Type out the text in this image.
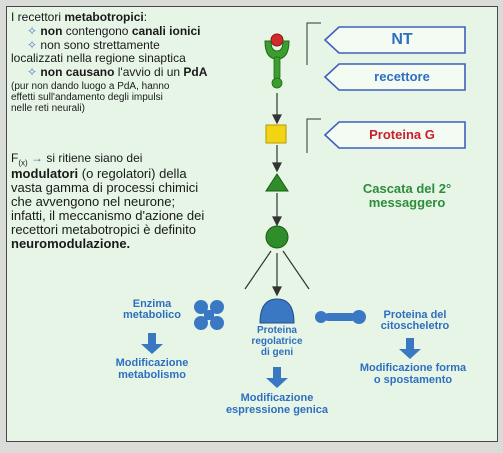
I recettori metabotropici:
✧ non contengono canali ionici
✧ non sono strettamente
localizzati nella regione sinaptica
✧ non causano l'avvio di un PdA
(pur non dando luogo a PdA, hanno
effetti sull'andamento degli impulsi
nelle reti neurali)
$F_{(x)}$ → si ritiene siano dei
modulatori (o regolatori) della
vasta gamma di processi chimici
che avvengono nel neurone;
infatti, il meccanismo d'azione dei
recettori metabotropici è definito
neuromodulazione.
NT
recettore
Proteina G
Cascata del 2°
messaggero
Enzima
metabolico
Proteina
regolatrice
di geni
Proteina del
citoscheletro
Modificazione
metabolismo
Modificazione
espressione genica
Modificazione forma
o spostamento
